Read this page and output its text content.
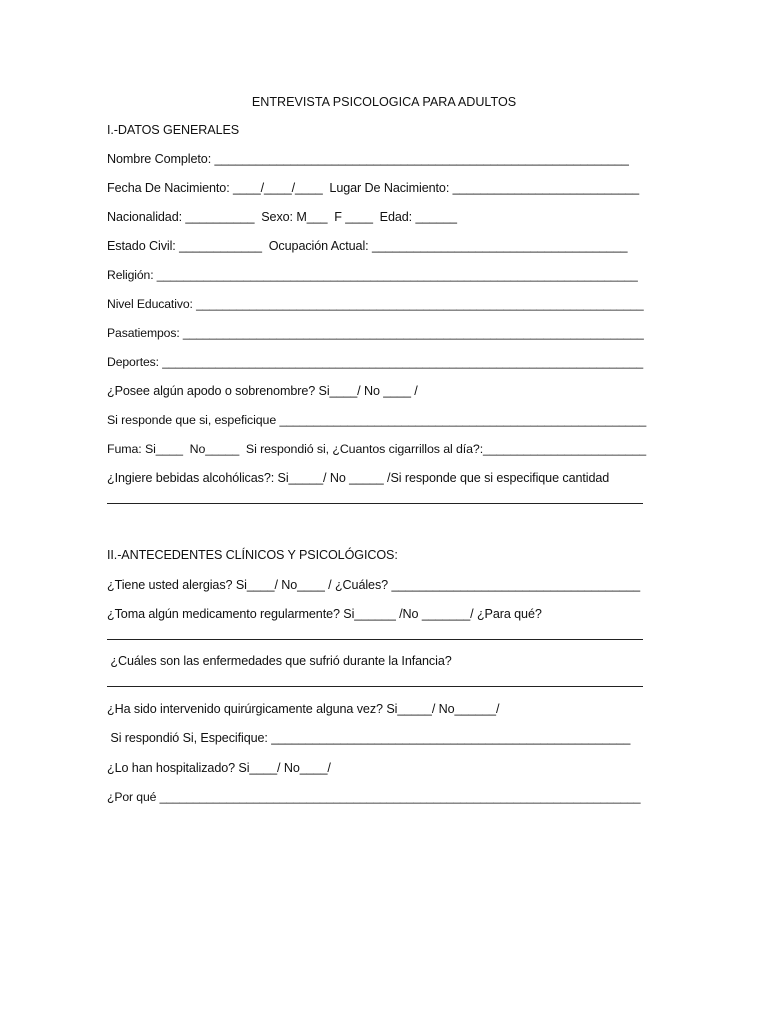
ENTREVISTA PSICOLOGICA PARA ADULTOS
I.-DATOS GENERALES
Nombre Completo: ____________________________________________________________
Fecha De Nacimiento: ____/____/____  Lugar De Nacimiento: ___________________________
Nacionalidad: __________  Sexo: M___  F ____  Edad: ______
Estado Civil: ____________  Ocupación Actual: _____________________________________
Religión: ________________________________________________________________________
Nivel Educativo: ___________________________________________________________________
Pasatiempos: _____________________________________________________________________
Deportes: ________________________________________________________________________
¿Posee algún apodo o sobrenombre? Si____/ No ____ /
Si responde que si, espeficique ______________________________________________________
Fuma: Si____  No_____  Si respondió si, ¿Cuantos cigarrillos al día?:________________________
¿Ingiere bebidas alcohólicas?: Si_____/ No _____ /Si responde que si especifique cantidad
II.-ANTECEDENTES CLÍNICOS Y PSICOLÓGICOS:
¿Tiene usted alergias? Si____/ No____ / ¿Cuáles? ____________________________________
¿Toma algún medicamento regularmente? Si______ /No _______/ ¿Para qué?
¿Cuáles son las enfermedades que sufrió durante la Infancia?
¿Ha sido intervenido quirúrgicamente alguna vez? Si_____/ No______/
Si respondió Si, Especifique: ____________________________________________________
¿Lo han hospitalizado? Si____/ No____/
¿Por qué ________________________________________________________________________
